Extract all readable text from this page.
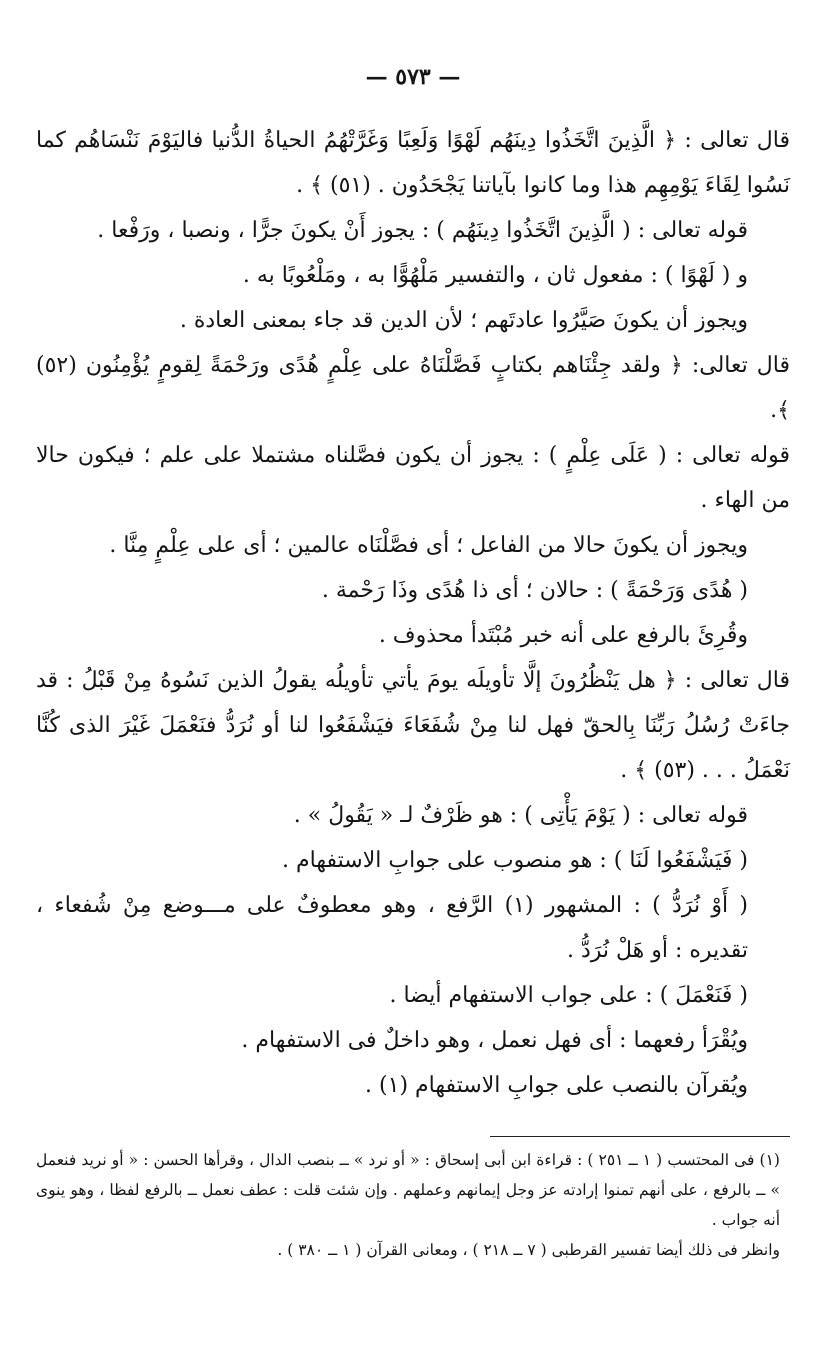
— ٥٧٣ —

قال تعالى : ﴿ الَّذِينَ اتَّخَذُوا دِينَهُم لَهْوًا وَلَعِبًا وَغَرَّتْهُمُ الحياةُ الدُّنيا فاليَوْمَ نَنْسَاهُم كما نَسُوا لِقَاءَ يَوْمِهِم هذا وما كانوا بآياتنا يَجْحَدُون . (٥١) ﴾ .

قوله تعالى : ( الَّذِينَ اتَّخَذُوا دِينَهُم ) : يجوز أَنْ يكونَ جرًّا ، ونصبا ، ورَفْعا .

و ( لَهْوًا ) : مفعول ثان ، والتفسير مَلْهُوًّا به ، ومَلْعُوبًا به .

ويجوز أن يكونَ صَيَّرُوا عادتَهم ؛ لأن الدين قد جاء بمعنى العادة .

قال تعالى: ﴿ ولقد جِئْنَاهم بكتابٍ فَصَّلْنَاهُ على عِلْمٍ هُدًى ورَحْمَةً لِقومٍ يُؤْمِنُون (٥٢) ﴾.

قوله تعالى : ( عَلَى عِلْمٍ ) : يجوز أن يكون فصَّلناه مشتملا على علم ؛ فيكون حالا من الهاء .

ويجوز أن يكونَ حالا من الفاعل ؛ أى فصَّلْنَاه عالمين ؛ أى على عِلْمٍ مِنَّا .

( هُدًى وَرَحْمَةً ) : حالان ؛ أى ذا هُدًى وذَا رَحْمة .

وقُرِئَ بالرفع على أنه خبر مُبْتَدأ محذوف .

قال تعالى : ﴿ هل يَنْظُرُونَ إلَّا تأويلَه يومَ يأتي تأويلُه يقولُ الذين نَسُوهُ مِنْ قَبْلُ : قد جاءَتْ رُسُلُ رَبِّنَا بِالحقّ فهل لنا مِنْ شُفَعَاءَ فيَشْفَعُوا لنا أو نُرَدُّ فنَعْمَلَ غَيْرَ الذى كُنَّا نَعْمَلُ . . . (٥٣) ﴾ .

قوله تعالى : ( يَوْمَ يَأْتِى ) : هو ظَرْفٌ لـ « يَقُولُ » .

( فَيَشْفَعُوا لَنَا ) : هو منصوب على جوابِ الاستفهام .

( أَوْ نُرَدُّ ) : المشهور (١) الرَّفع ، وهو معطوفٌ على مـــوضع مِنْ شُفعاء ، تقديره : أو هَلْ نُرَدُّ .

( فَنَعْمَلَ ) : على جواب الاستفهام أيضا .

ويُقْرَأ رفعهما : أى فهل نعمل ، وهو داخلٌ فى الاستفهام .

ويُقرآن بالنصب على جوابِ الاستفهام (١) .

(١) فى المحتسب ( ١ ــ ٢٥١ ) : قراءة ابن أبى إسحاق : « أو نرد » ــ بنصب الدال ، وقرأها الحسن : « أو نريد فنعمل » ــ بالرفع ، على أنهم تمنوا إرادته عز وجل إيمانهم وعملهم . وإن شئت قلت : عطف نعمل ــ بالرفع لفظا ، وهو ينوى أنه جواب .

وانظر فى ذلك أيضا تفسير القرطبى ( ٧ ــ ٢١٨ ) ، ومعانى القرآن ( ١ ــ ٣٨٠ ) .
